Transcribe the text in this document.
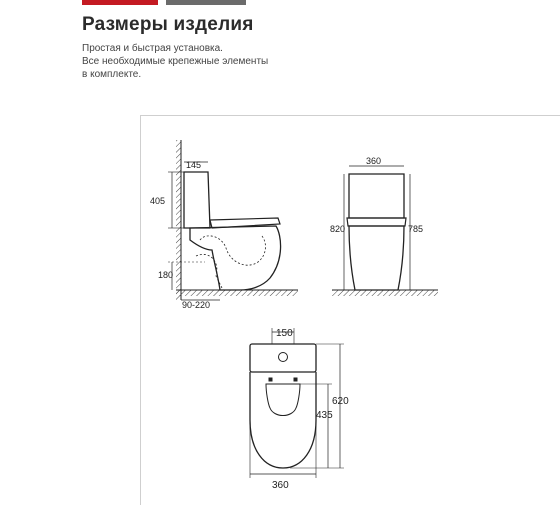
Размеры изделия
Простая и быстрая установка.
Все необходимые крепежные элементы
в комплекте.
145
405
180
90-220
360
820	785
150
620
435
360
